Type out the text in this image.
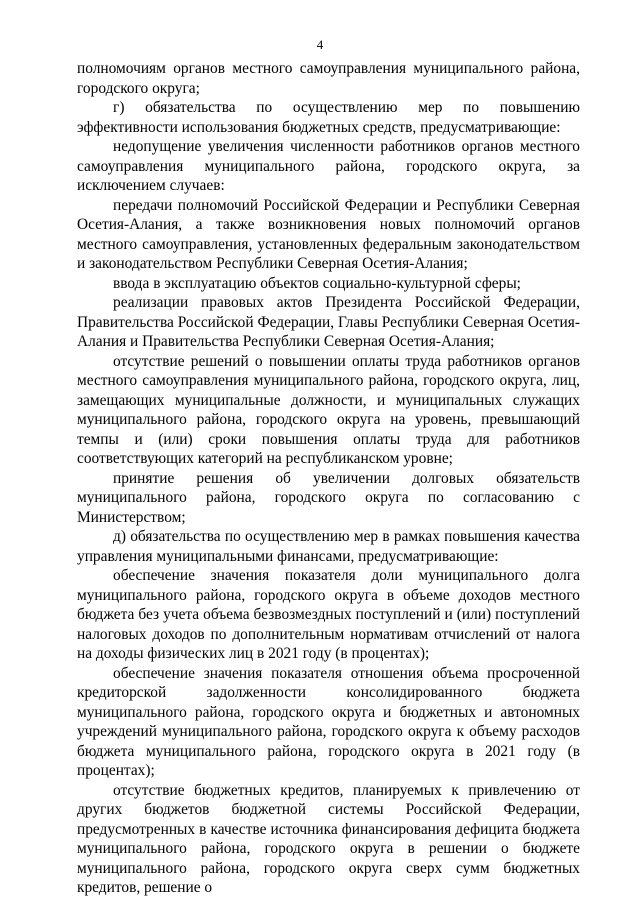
4

полномочиям органов местного самоуправления муниципального района, городского округа;

г) обязательства по осуществлению мер по повышению эффективности использования бюджетных средств, предусматривающие:

недопущение увеличения численности работников органов местного самоуправления муниципального района, городского округа, за исключением случаев:

передачи полномочий Российской Федерации и Республики Северная Осетия-Алания, а также возникновения новых полномочий органов местного самоуправления, установленных федеральным законодательством и законодательством Республики Северная Осетия-Алания;

ввода в эксплуатацию объектов социально-культурной сферы;

реализации правовых актов Президента Российской Федерации, Правительства Российской Федерации, Главы Республики Северная Осетия-Алания и Правительства Республики Северная Осетия-Алания;

отсутствие решений о повышении оплаты труда работников органов местного самоуправления муниципального района, городского округа, лиц, замещающих муниципальные должности, и муниципальных служащих муниципального района, городского округа на уровень, превышающий темпы и (или) сроки повышения оплаты труда для работников соответствующих категорий на республиканском уровне;

принятие решения об увеличении долговых обязательств муниципального района, городского округа по согласованию с Министерством;

д) обязательства по осуществлению мер в рамках повышения качества управления муниципальными финансами, предусматривающие:

обеспечение значения показателя доли муниципального долга муниципального района, городского округа в объеме доходов местного бюджета без учета объема безвозмездных поступлений и (или) поступлений налоговых доходов по дополнительным нормативам отчислений от налога на доходы физических лиц в 2021 году (в процентах);

обеспечение значения показателя отношения объема просроченной кредиторской задолженности консолидированного бюджета муниципального района, городского округа и бюджетных и автономных учреждений муниципального района, городского округа к объему расходов бюджета муниципального района, городского округа в 2021 году (в процентах);

отсутствие бюджетных кредитов, планируемых к привлечению от других бюджетов бюджетной системы Российской Федерации, предусмотренных в качестве источника финансирования дефицита бюджета муниципального района, городского округа в решении о бюджете муниципального района, городского округа сверх сумм бюджетных кредитов, решение о
